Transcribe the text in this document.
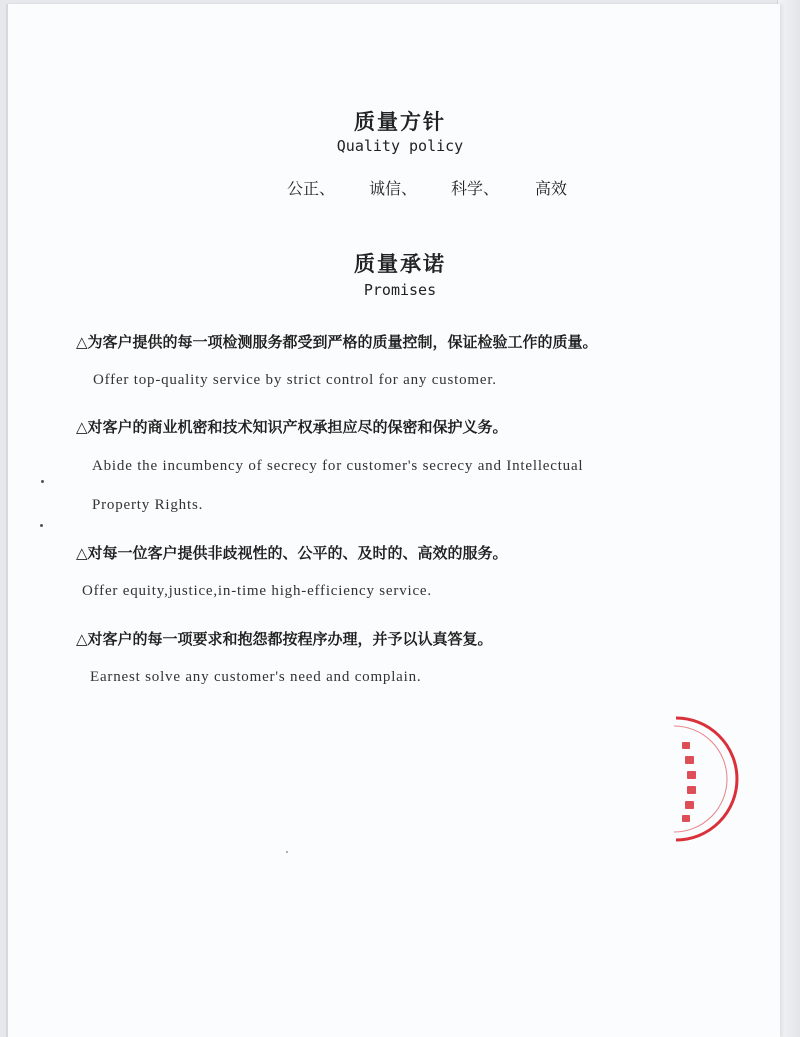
质量方针
Quality policy
公正、 诚信、 科学、 高效
质量承诺
Promises
△为客户提供的每一项检测服务都受到严格的质量控制，保证检验工作的质量。
Offer top-quality service by strict control for any customer.
△对客户的商业机密和技术知识产权承担应尽的保密和保护义务。
Abide the incumbency of secrecy for customer's secrecy and Intellectual
Property Rights.
△对每一位客户提供非歧视性的、公平的、及时的、高效的服务。
Offer equity,justice,in-time high-efficiency service.
△对客户的每一项要求和抱怨都按程序办理，并予以认真答复。
Earnest solve any customer's need and complain.
